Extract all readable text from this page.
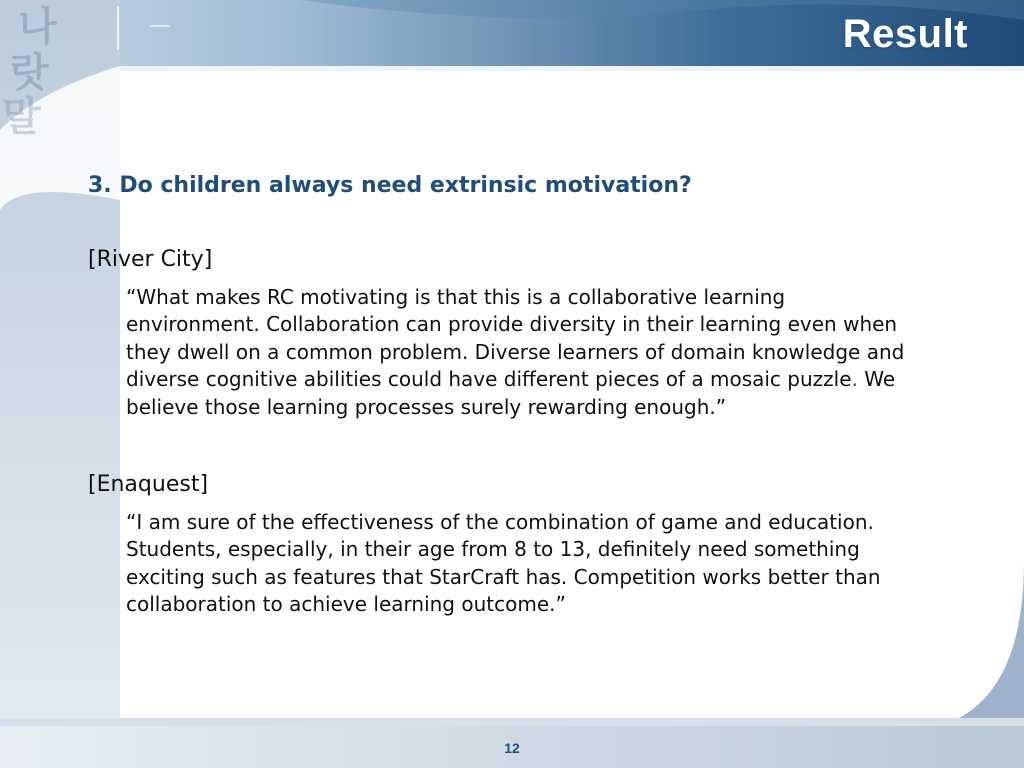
나
랏
말
Result

3. Do children always need extrinsic motivation?

[River City]

“What makes RC motivating is that this is a collaborative learning environment. Collaboration can provide diversity in their learning even when they dwell on a common problem. Diverse learners of domain knowledge and diverse cognitive abilities could have different pieces of a mosaic puzzle. We believe those learning processes surely rewarding enough.”

[Enaquest]

“I am sure of the effectiveness of the combination of game and education. Students, especially, in their age from 8 to 13, definitely need something exciting such as features that StarCraft has. Competition works better than collaboration to achieve learning outcome.”

12
